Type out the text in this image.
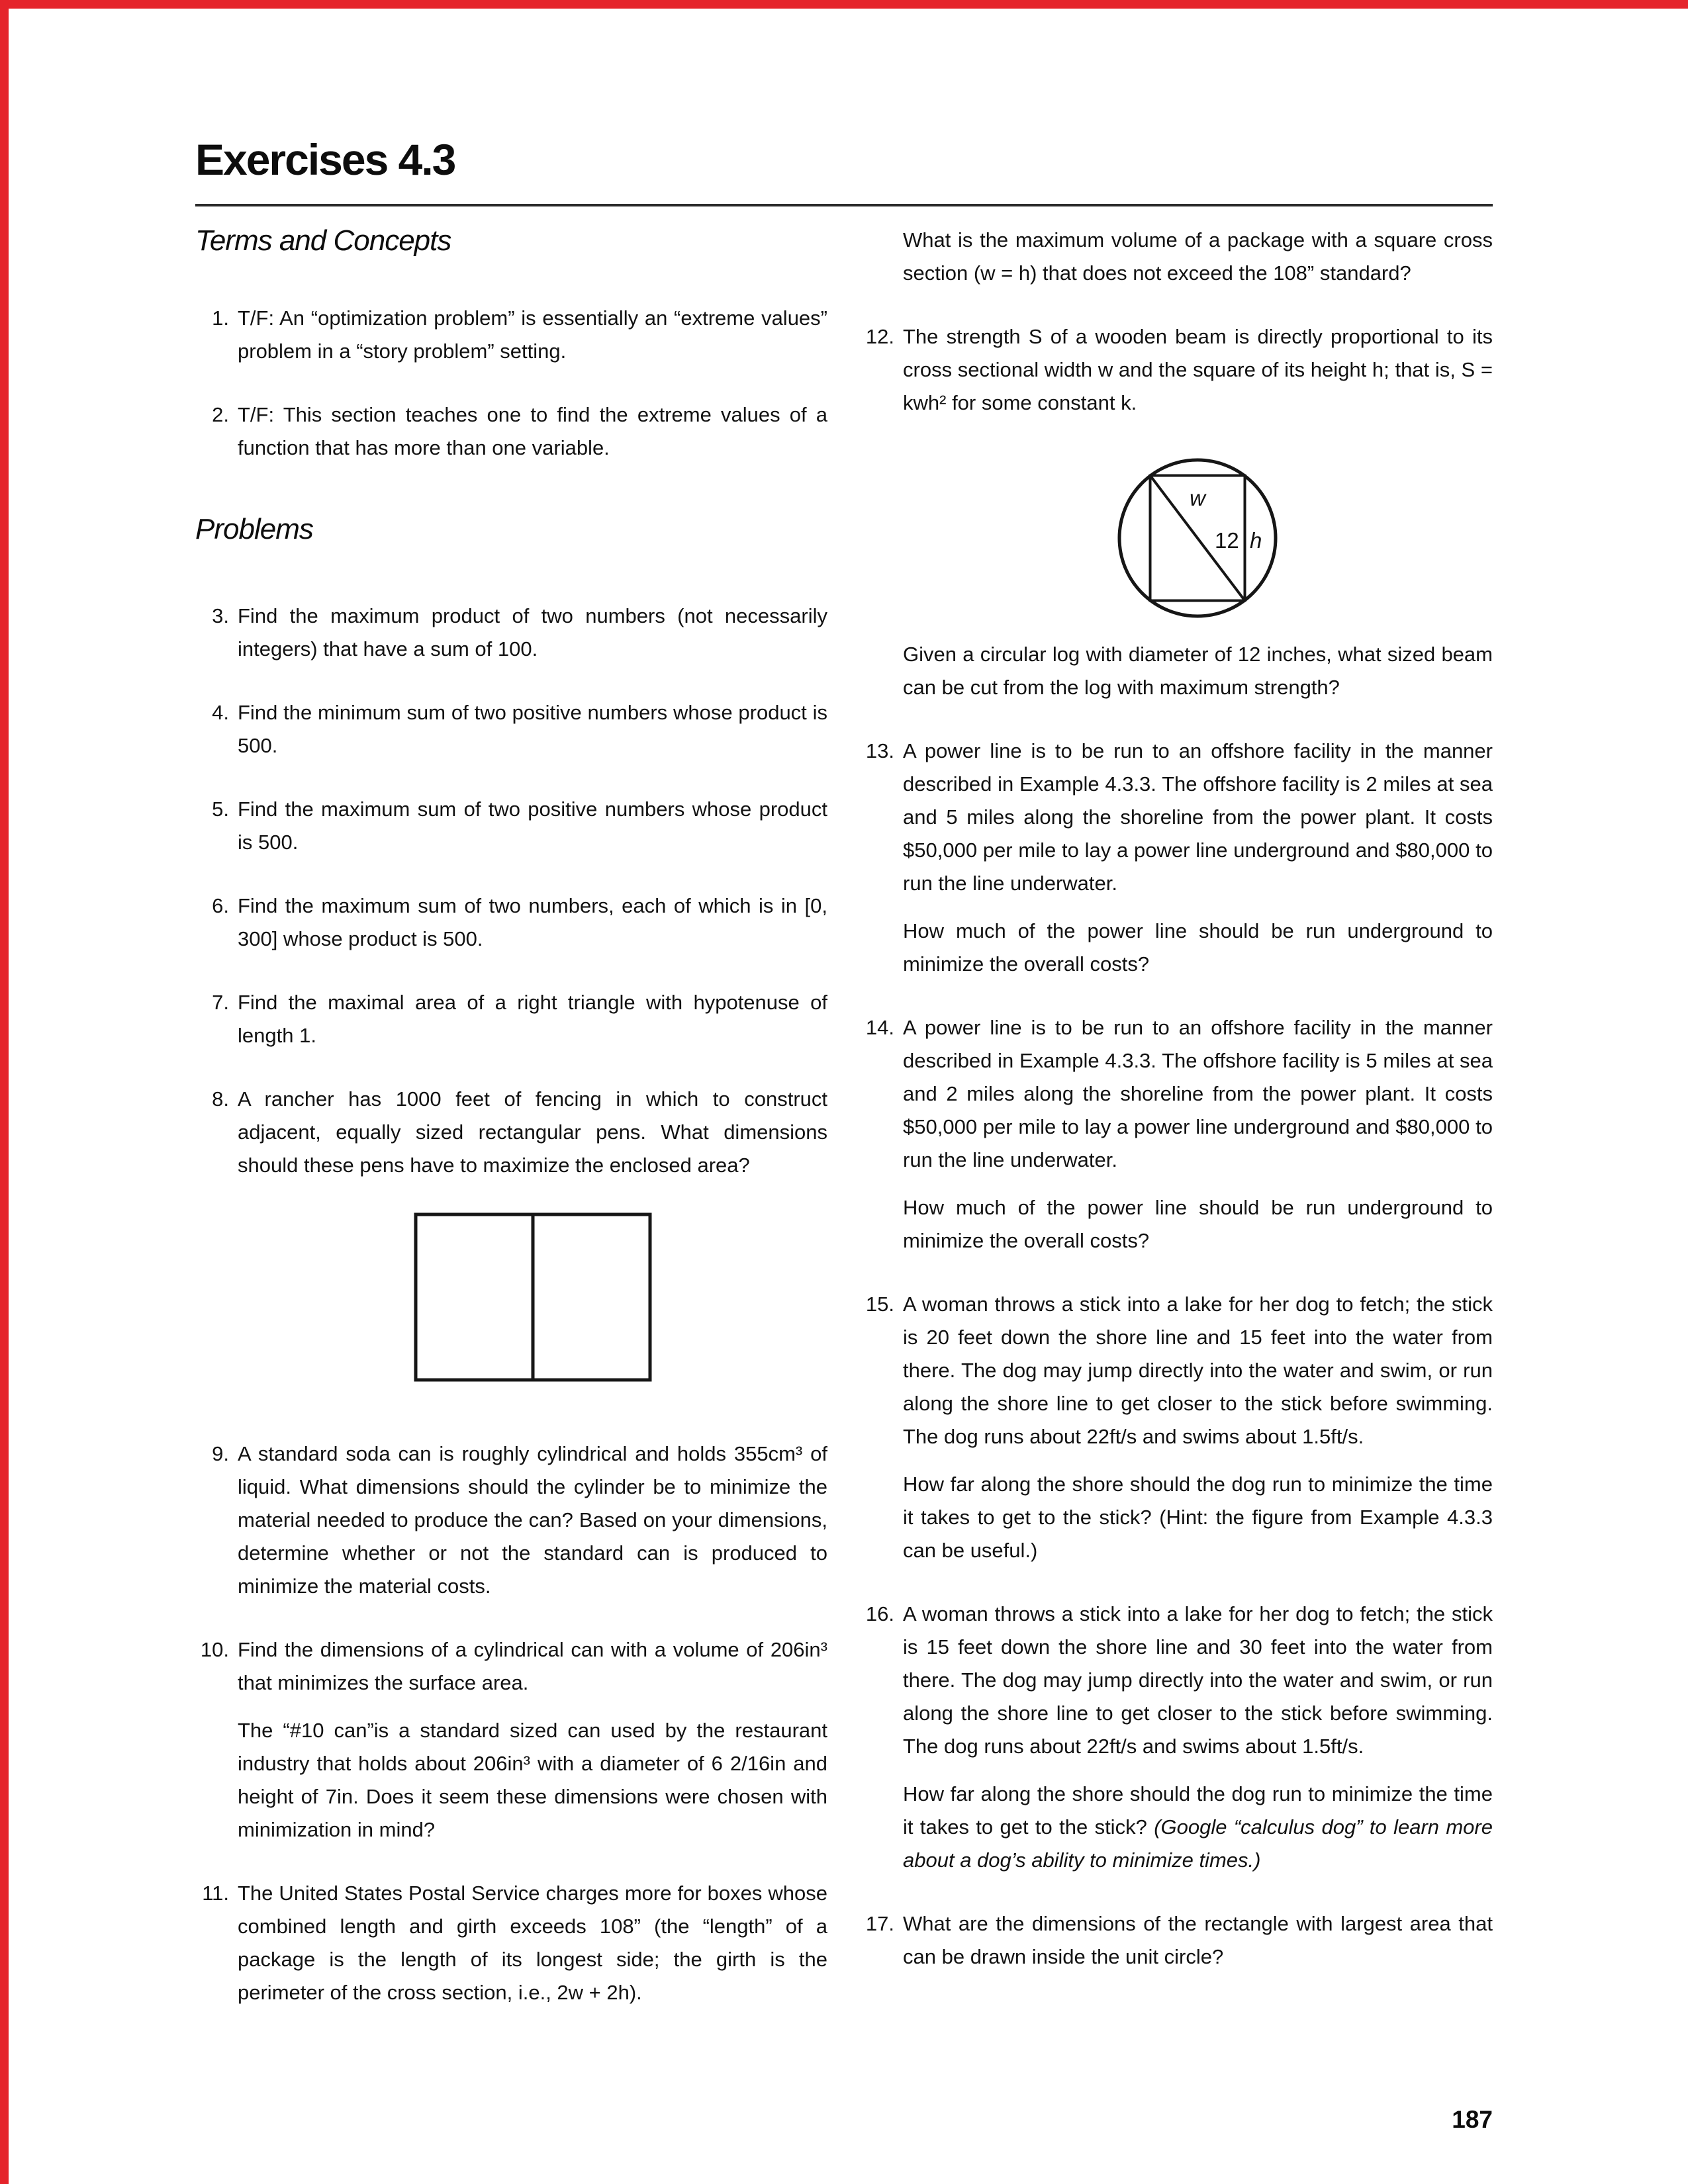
Exercises 4.3
Terms and Concepts
1. T/F: An “optimization problem” is essentially an “extreme values” problem in a “story problem” setting.
2. T/F: This section teaches one to find the extreme values of a function that has more than one variable.
Problems
3. Find the maximum product of two numbers (not necessarily integers) that have a sum of 100.
4. Find the minimum sum of two positive numbers whose product is 500.
5. Find the maximum sum of two positive numbers whose product is 500.
6. Find the maximum sum of two numbers, each of which is in [0, 300] whose product is 500.
7. Find the maximal area of a right triangle with hypotenuse of length 1.
8. A rancher has 1000 feet of fencing in which to construct adjacent, equally sized rectangular pens. What dimensions should these pens have to maximize the enclosed area?
9. A standard soda can is roughly cylindrical and holds 355cm³ of liquid. What dimensions should the cylinder be to minimize the material needed to produce the can? Based on your dimensions, determine whether or not the standard can is produced to minimize the material costs.
10. Find the dimensions of a cylindrical can with a volume of 206in³ that minimizes the surface area.

The “#10 can”is a standard sized can used by the restaurant industry that holds about 206in³ with a diameter of 6 2/16in and height of 7in. Does it seem these dimensions were chosen with minimization in mind?

11. The United States Postal Service charges more for boxes whose combined length and girth exceeds 108” (the “length” of a package is the length of its longest side; the girth is the perimeter of the cross section, i.e., 2w + 2h).
What is the maximum volume of a package with a square cross section (w = h) that does not exceed the 108” standard?
12. The strength S of a wooden beam is directly proportional to its cross sectional width w and the square of its height h; that is, S = kwh² for some constant k.
w
12 h
Given a circular log with diameter of 12 inches, what sized beam can be cut from the log with maximum strength?
13. A power line is to be run to an offshore facility in the manner described in Example 4.3.3. The offshore facility is 2 miles at sea and 5 miles along the shoreline from the power plant. It costs $50,000 per mile to lay a power line underground and $80,000 to run the line underwater.

How much of the power line should be run underground to minimize the overall costs?

14. A power line is to be run to an offshore facility in the manner described in Example 4.3.3. The offshore facility is 5 miles at sea and 2 miles along the shoreline from the power plant. It costs $50,000 per mile to lay a power line underground and $80,000 to run the line underwater.

How much of the power line should be run underground to minimize the overall costs?

15. A woman throws a stick into a lake for her dog to fetch; the stick is 20 feet down the shore line and 15 feet into the water from there. The dog may jump directly into the water and swim, or run along the shore line to get closer to the stick before swimming. The dog runs about 22ft/s and swims about 1.5ft/s.

How far along the shore should the dog run to minimize the time it takes to get to the stick? (Hint: the figure from Example 4.3.3 can be useful.)

16. A woman throws a stick into a lake for her dog to fetch; the stick is 15 feet down the shore line and 30 feet into the water from there. The dog may jump directly into the water and swim, or run along the shore line to get closer to the stick before swimming. The dog runs about 22ft/s and swims about 1.5ft/s.

How far along the shore should the dog run to minimize the time it takes to get to the stick? (Google “calculus dog” to learn more about a dog’s ability to minimize times.)

17. What are the dimensions of the rectangle with largest area that can be drawn inside the unit circle?
187
